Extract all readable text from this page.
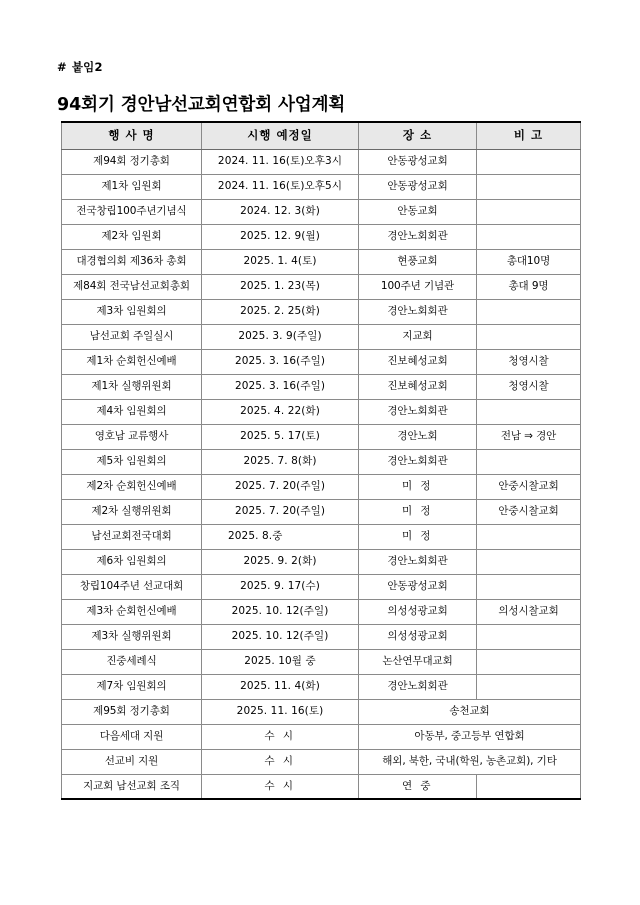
# 붙임2
94회기 경안남선교회연합회 사업계획
행 사 명	시행 예정일	장 소	비 고
제94회 정기총회	2024. 11. 16(토)오후3시	안동광성교회	
제1차 임원회	2024. 11. 16(토)오후5시	안동광성교회	
전국창립100주년기념식	2024. 12. 3(화)	안동교회	
제2차 임원회	2025. 12. 9(월)	경안노회회관	
대경협의회 제36차 총회	2025. 1. 4(토)	현풍교회	총대10명
제84회 전국남선교회총회	2025. 1. 23(목)	100주년 기념관	총대 9명
제3차 임원회의	2025. 2. 25(화)	경안노회회관	
남선교회 주일실시	2025. 3. 9(주일)	지교회	
제1차 순회헌신예배	2025. 3. 16(주일)	진보혜성교회	청영시찰
제1차 실행위원회	2025. 3. 16(주일)	진보혜성교회	청영시찰
제4차 임원회의	2025. 4. 22(화)	경안노회회관	
영호남 교류행사	2025. 5. 17(토)	경안노회	전남 ⇒ 경안
제5차 임원회의	2025. 7. 8(화)	경안노회회관	
제2차 순회헌신예배	2025. 7. 20(주일)	미 정	안중시찰교회
제2차 실행위원회	2025. 7. 20(주일)	미 정	안중시찰교회
남선교회전국대회	2025. 8.중	미 정	
제6차 임원회의	2025. 9. 2(화)	경안노회회관	
창립104주년 선교대회	2025. 9. 17(수)	안동광성교회	
제3차 순회헌신예배	2025. 10. 12(주일)	의성성광교회	의성시찰교회
제3차 실행위원회	2025. 10. 12(주일)	의성성광교회	
진중세례식	2025. 10월 중	논산연무대교회	
제7차 임원회의	2025. 11. 4(화)	경안노회회관	
제95회 정기총회	2025. 11. 16(토)	송천교회	
다음세대 지원	수 시	아동부, 중고등부 연합회	
선교비 지원	수 시	해외, 북한, 국내(학원, 농촌교회), 기타	
지교회 남선교회 조직	수 시	연 중	
